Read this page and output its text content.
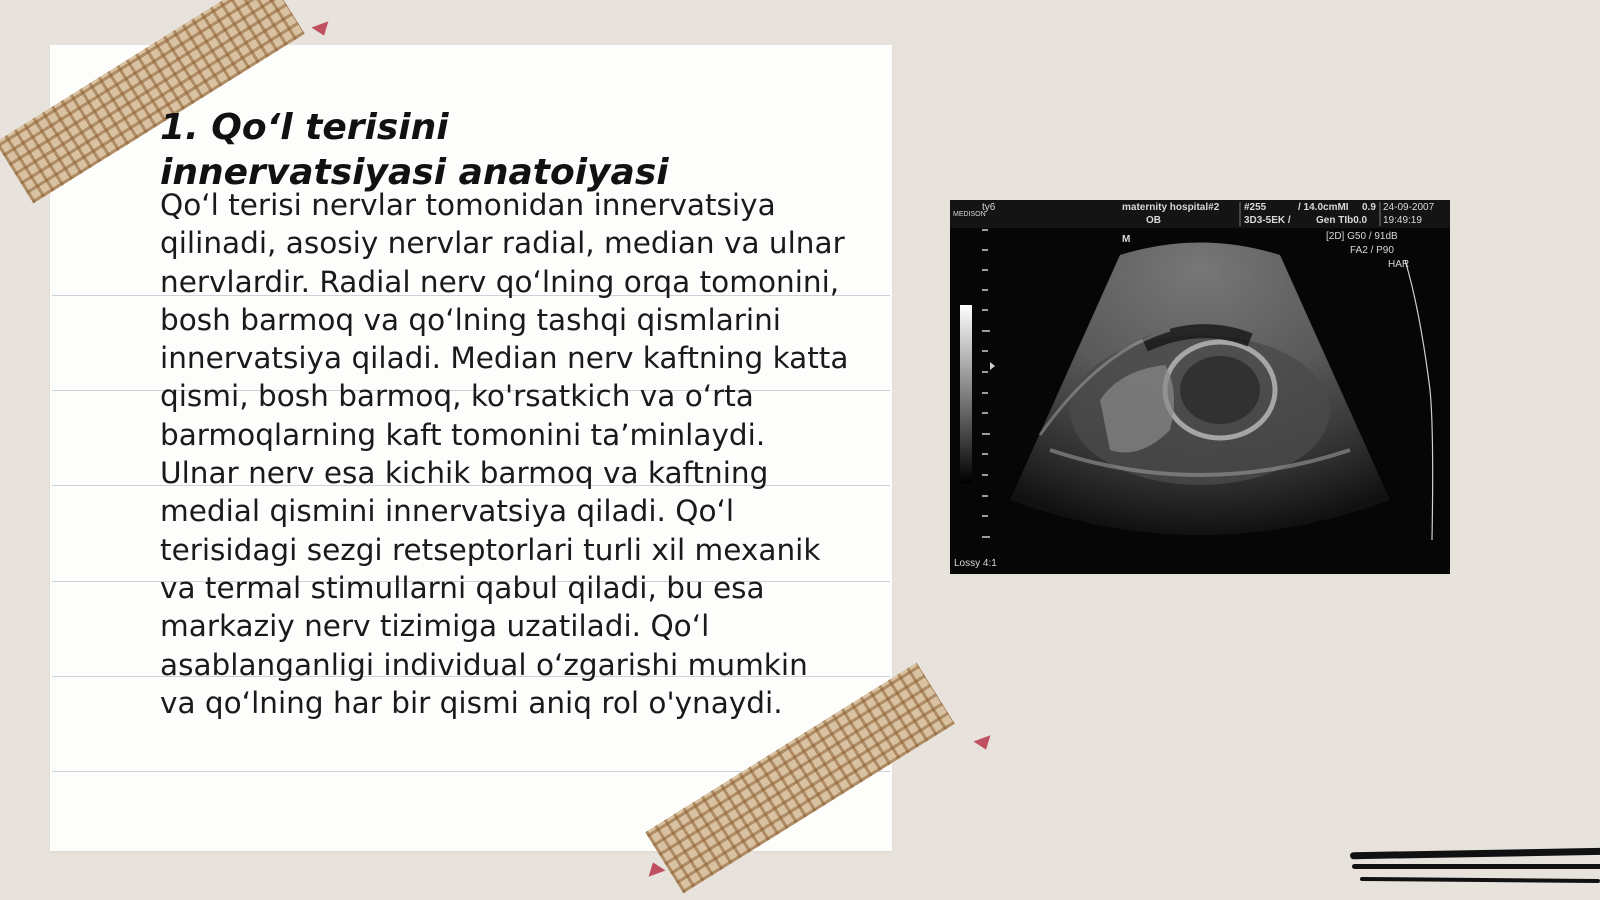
1. Qo‘l terisini innervatsiyasi anatoiyasi

Qo‘l terisi nervlar tomonidan innervatsiya qilinadi, asosiy nervlar radial, median va ulnar nervlardir. Radial nerv qo‘lning orqa tomonini, bosh barmoq va qo‘lning tashqi qismlarini innervatsiya qiladi. Median nerv kaftning katta qismi, bosh barmoq, ko'rsatkich va o‘rta barmoqlarning kaft tomonini ta’minlaydi. Ulnar nerv esa kichik barmoq va kaftning medial qismini innervatsiya qiladi. Qo‘l terisidagi sezgi retseptorlari turli xil mexanik va termal stimullarni qabul qiladi, bu esa markaziy nerv tizimiga uzatiladi. Qo‘l asablanganligi individual o‘zgarishi mumkin va qo‘lning har bir qismi aniq rol o'ynaydi.

MEDISON
ty6	maternity hospital#2
OB
#255
3D3-5EK /
/ 14.0cmMI 0.9
Gen TIb0.0
24-09-2007
19:49:19
[2D] G50 / 91dB
FA2 / P90
HAR
M
Lossy 4:1
